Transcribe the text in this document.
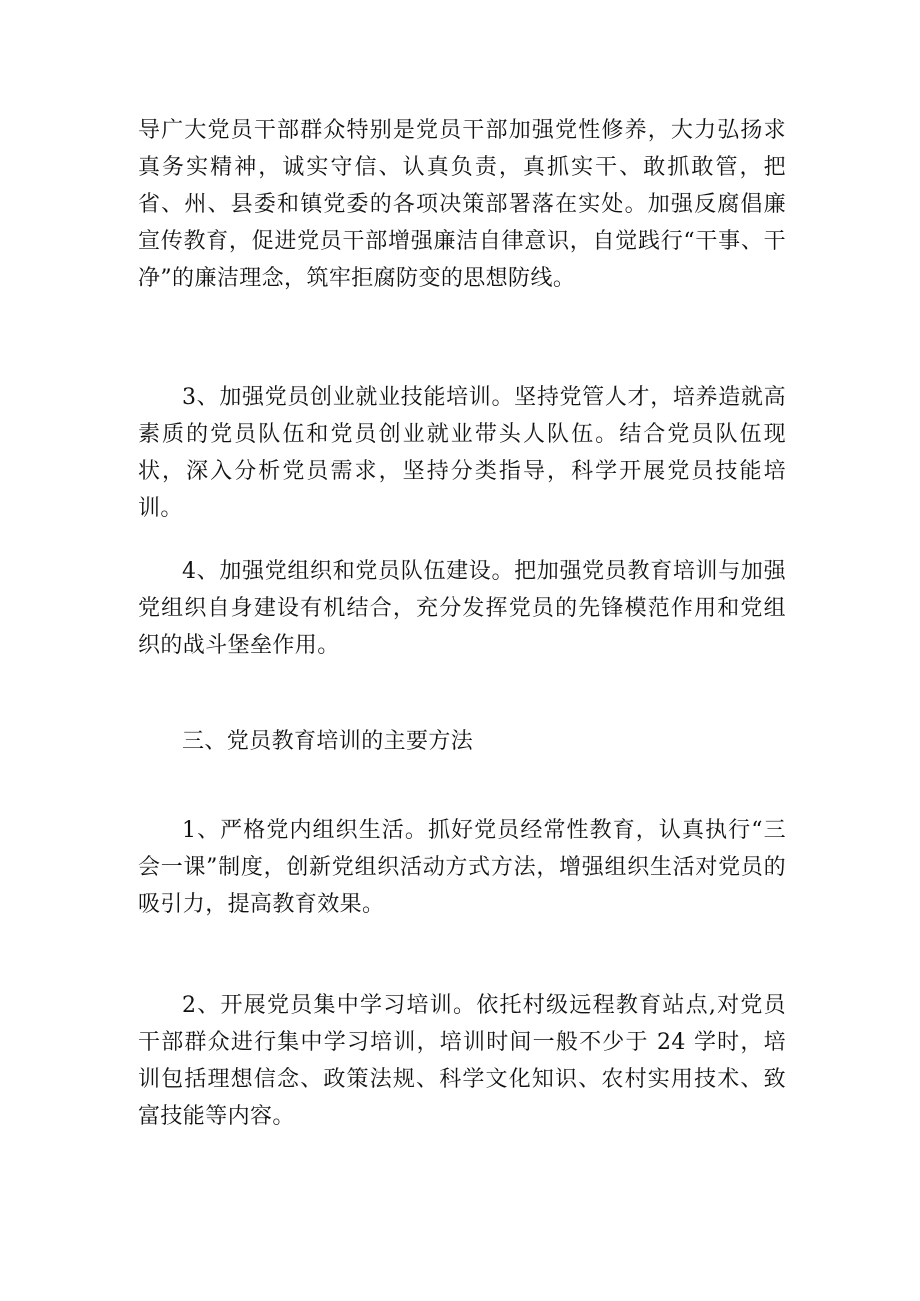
导广大党员干部群众特别是党员干部加强党性修养，大力弘扬求真务实精神，诚实守信、认真负责，真抓实干、敢抓敢管，把省、州、县委和镇党委的各项决策部署落在实处。加强反腐倡廉宣传教育，促进党员干部增强廉洁自律意识，自觉践行“干事、干净”的廉洁理念，筑牢拒腐防变的思想防线。

3、加强党员创业就业技能培训。坚持党管人才，培养造就高素质的党员队伍和党员创业就业带头人队伍。结合党员队伍现状，深入分析党员需求，坚持分类指导，科学开展党员技能培训。

4、加强党组织和党员队伍建设。把加强党员教育培训与加强党组织自身建设有机结合，充分发挥党员的先锋模范作用和党组织的战斗堡垒作用。

三、党员教育培训的主要方法

1、严格党内组织生活。抓好党员经常性教育，认真执行“三会一课”制度，创新党组织活动方式方法，增强组织生活对党员的吸引力，提高教育效果。

2、开展党员集中学习培训。依托村级远程教育站点,对党员干部群众进行集中学习培训，培训时间一般不少于 24 学时，培训包括理想信念、政策法规、科学文化知识、农村实用技术、致富技能等内容。
